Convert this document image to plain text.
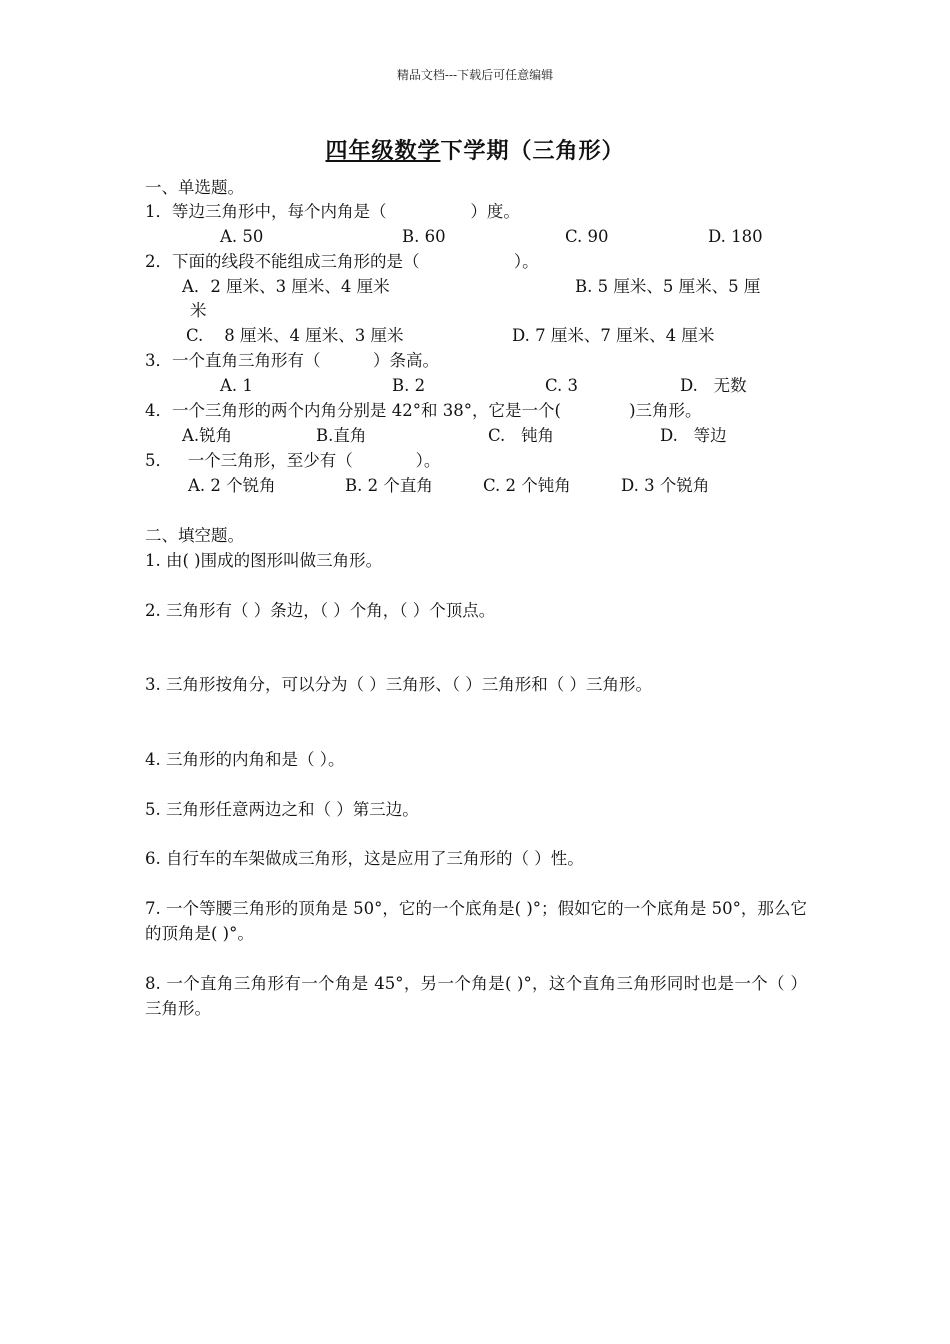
精品文档---下载后可任意编辑
四年级数学下学期（三角形）
一、单选题。
1．等边三角形中，每个内角是（                ）度。
A. 50	B. 60	C. 90	D. 180
2．下面的线段不能组成三角形的是（                  ）。
A．2 厘米、3 厘米、4 厘米	B. 5 厘米、5 厘米、5 厘
米
C.    8 厘米、4 厘米、3 厘米	D. 7 厘米、7 厘米、4 厘米
3．一个直角三角形有（          ）条高。
A. 1	B. 2	C. 3	D.   无数
4．一个三角形的两个内角分别是 42°和 38°，它是一个(             )三角形。
A.锐角	B.直角	C.   钝角	D.   等边
5．   一个三角形，至少有（            ）。
A. 2 个锐角	B. 2 个直角	C. 2 个钝角	D. 3 个锐角
二、填空题。
1. 由( )围成的图形叫做三角形。
2. 三角形有（ ）条边，（ ）个角，（ ）个顶点。
3. 三角形按角分，可以分为（ ）三角形、（ ）三角形和（ ）三角形。
4. 三角形的内角和是（ ）。
5. 三角形任意两边之和（ ）第三边。
6. 自行车的车架做成三角形，这是应用了三角形的（ ）性。
7. 一个等腰三角形的顶角是 50°，它的一个底角是( )°；假如它的一个底角是 50°，那么它的顶角是( )°。
8. 一个直角三角形有一个角是 45°，另一个角是( )°，这个直角三角形同时也是一个（ ）三角形。
